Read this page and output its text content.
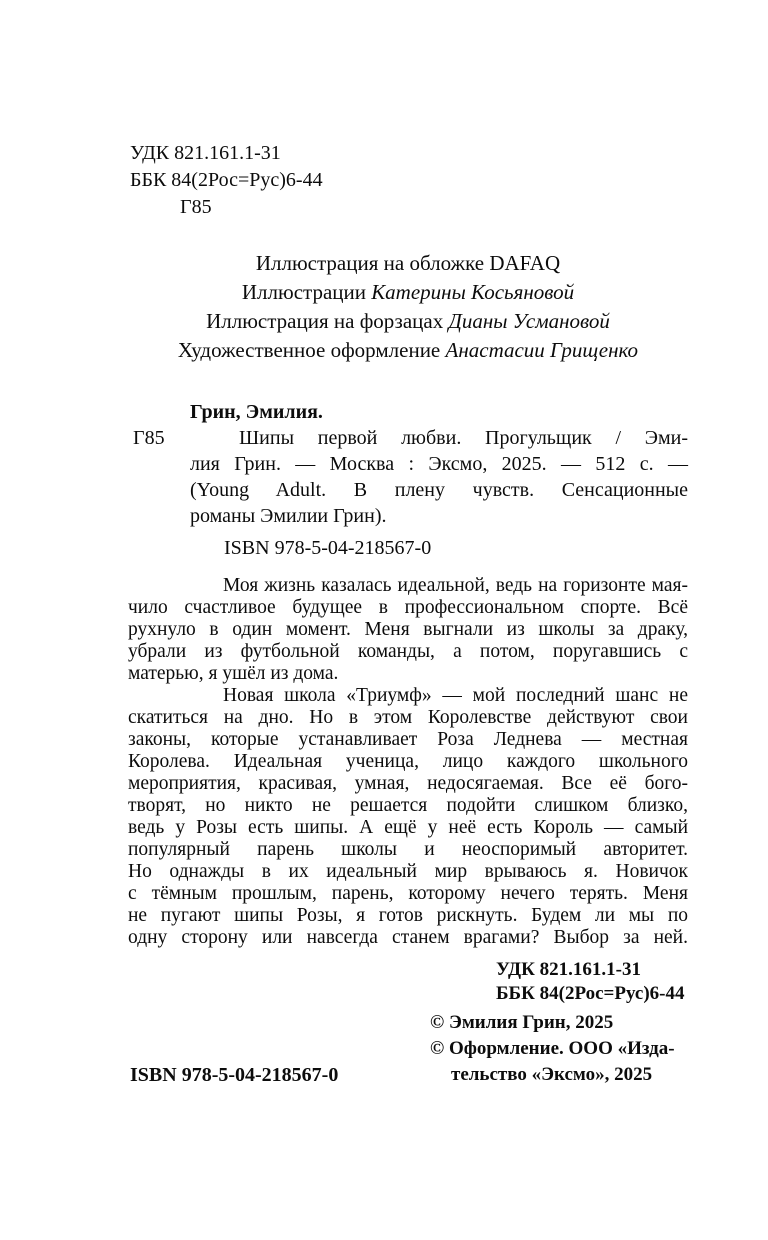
УДК 821.161.1-31
ББК 84(2Рос=Рус)6-44
Г85
Иллюстрация на обложке DAFAQ
Иллюстрации Катерины Косьяновой
Иллюстрация на форзацах Дианы Усмановой
Художественное оформление Анастасии Грищенко
Грин, Эмилия.
Г85	Шипы первой любви. Прогульщик / Эми-
лия Грин. — Москва : Эксмо, 2025. — 512 с. —
(Young Adult. В плену чувств. Сенсационные
романы Эмилии Грин).
ISBN 978-5-04-218567-0
Моя жизнь казалась идеальной, ведь на горизонте мая-
чило счастливое будущее в профессиональном спорте. Всё
рухнуло в один момент. Меня выгнали из школы за драку,
убрали из футбольной команды, а потом, поругавшись с
матерью, я ушёл из дома.
Новая школа «Триумф» — мой последний шанс не
скатиться на дно. Но в этом Королевстве действуют свои
законы, которые устанавливает Роза Леднева — местная
Королева. Идеальная ученица, лицо каждого школьного
мероприятия, красивая, умная, недосягаемая. Все её бого-
творят, но никто не решается подойти слишком близко,
ведь у Розы есть шипы. А ещё у неё есть Король — самый
популярный парень школы и неоспоримый авторитет.
Но однажды в их идеальный мир врываюсь я. Новичок
с тёмным прошлым, парень, которому нечего терять. Меня
не пугают шипы Розы, я готов рискнуть. Будем ли мы по
одну сторону или навсегда станем врагами? Выбор за ней.
УДК 821.161.1-31
ББК 84(2Рос=Рус)6-44
ISBN 978-5-04-218567-0
© Эмилия Грин, 2025
© Оформление. ООО «Изда-
тельство «Эксмо», 2025
